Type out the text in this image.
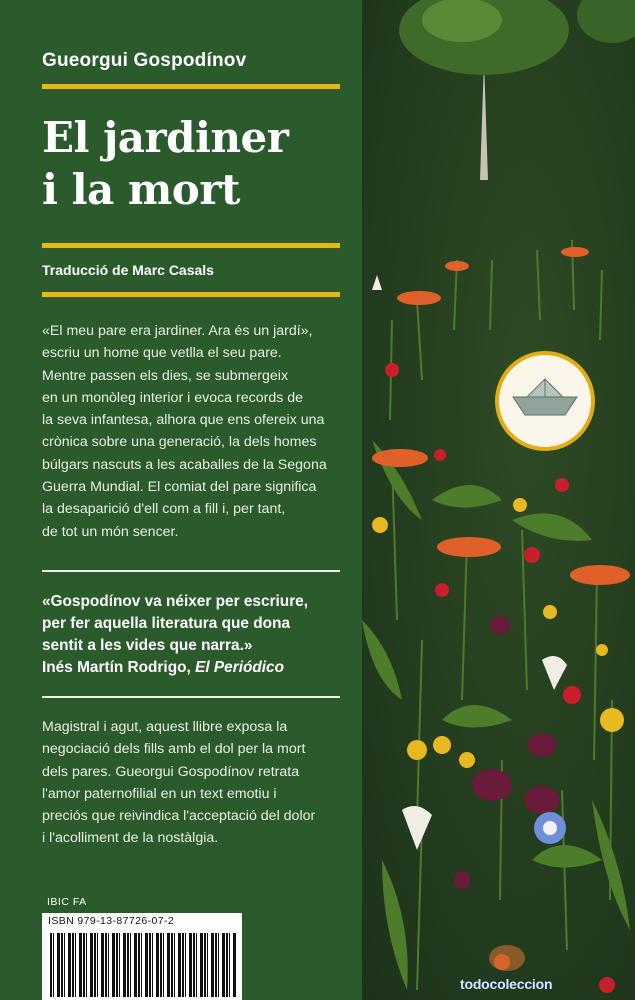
Gueorgui Gospodínov
El jardiner
i la mort
Traducció de Marc Casals
«El meu pare era jardiner. Ara és un jardí»,
escriu un home que vetlla el seu pare.
Mentre passen els dies, se submergeix
en un monòleg interior i evoca records de
la seva infantesa, alhora que ens ofereix una
crònica sobre una generació, la dels homes
búlgars nascuts a les acaballes de la Segona
Guerra Mundial. El comiat del pare significa
la desaparició d'ell com a fill i, per tant,
de tot un món sencer.
«Gospodínov va néixer per escriure,
per fer aquella literatura que dona
sentit a les vides que narra.»
Inés Martín Rodrigo, El Periódico
Magistral i agut, aquest llibre exposa la
negociació dels fills amb el dol per la mort
dels pares. Gueorgui Gospodínov retrata
l'amor paternofilial en un text emotiu i
preciós que reivindica l'acceptació del dolor
i l'acolliment de la nostàlgia.
IBIC FA
ISBN 979-13-87726-07-2
todocoleccion
